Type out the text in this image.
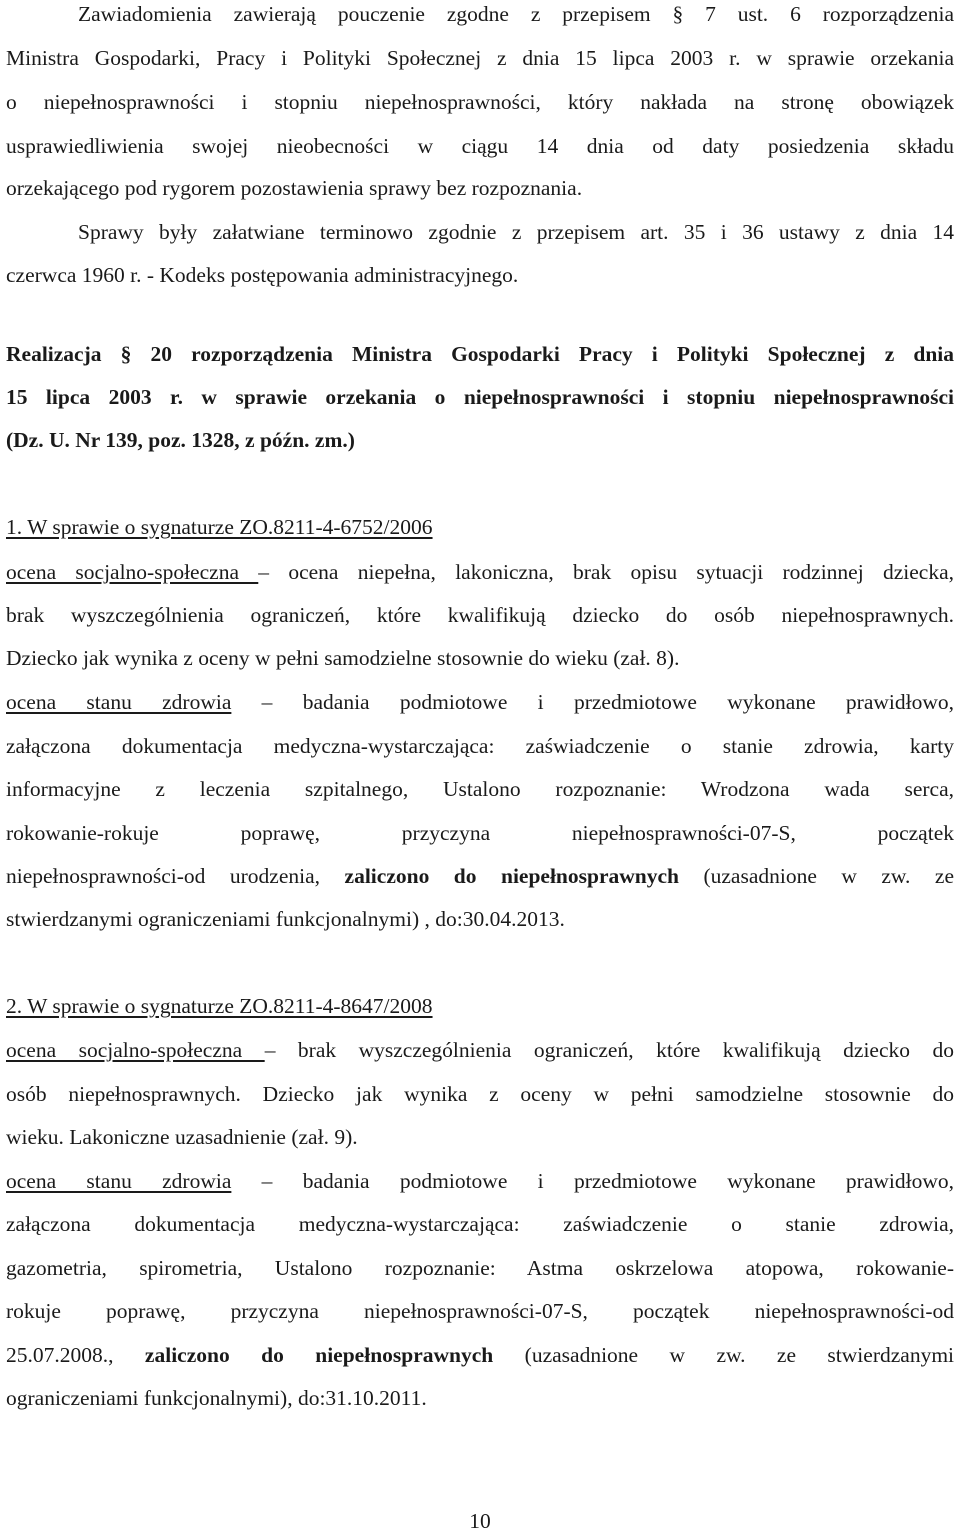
Zawiadomienia zawierają pouczenie zgodne z przepisem § 7 ust. 6 rozporządzenia
Ministra Gospodarki, Pracy i Polityki Społecznej z dnia 15 lipca 2003 r. w sprawie orzekania
o niepełnosprawności i stopniu niepełnosprawności, który nakłada na stronę obowiązek
usprawiedliwienia swojej nieobecności w ciągu 14 dnia od daty posiedzenia składu
orzekającego pod rygorem pozostawienia sprawy bez rozpoznania.
Sprawy były załatwiane terminowo zgodnie z przepisem art. 35 i 36 ustawy z dnia 14
czerwca 1960 r. - Kodeks postępowania administracyjnego.
Realizacja § 20 rozporządzenia Ministra Gospodarki Pracy i Polityki Społecznej z dnia
15 lipca 2003 r. w sprawie orzekania o niepełnosprawności i stopniu niepełnosprawności
(Dz. U. Nr 139, poz. 1328, z późn. zm.)
1. W sprawie o sygnaturze ZO.8211-4-6752/2006
ocena socjalno-społeczna – ocena niepełna, lakoniczna, brak opisu sytuacji rodzinnej dziecka,
brak wyszczególnienia ograniczeń, które kwalifikują dziecko do osób niepełnosprawnych.
Dziecko jak wynika z oceny w pełni samodzielne stosownie do wieku (zał. 8).
ocena stanu zdrowia – badania podmiotowe i przedmiotowe wykonane prawidłowo,
załączona dokumentacja medyczna-wystarczająca: zaświadczenie o stanie zdrowia, karty
informacyjne z leczenia szpitalnego, Ustalono rozpoznanie: Wrodzona wada serca,
rokowanie-rokuje poprawę, przyczyna niepełnosprawności-07-S, początek
niepełnosprawności-od urodzenia, zaliczono do niepełnosprawnych (uzasadnione w zw. ze
stwierdzanymi ograniczeniami funkcjonalnymi) , do:30.04.2013.
2. W sprawie o sygnaturze ZO.8211-4-8647/2008
ocena socjalno-społeczna – brak wyszczególnienia ograniczeń, które kwalifikują dziecko do
osób niepełnosprawnych. Dziecko jak wynika z oceny w pełni samodzielne stosownie do
wieku. Lakoniczne uzasadnienie (zał. 9).
ocena stanu zdrowia – badania podmiotowe i przedmiotowe wykonane prawidłowo,
załączona dokumentacja medyczna-wystarczająca: zaświadczenie o stanie zdrowia,
gazometria, spirometria, Ustalono rozpoznanie: Astma oskrzelowa atopowa, rokowanie-
rokuje poprawę, przyczyna niepełnosprawności-07-S, początek niepełnosprawności-od
25.07.2008., zaliczono do niepełnosprawnych (uzasadnione w zw. ze stwierdzanymi
ograniczeniami funkcjonalnymi), do:31.10.2011.
10
